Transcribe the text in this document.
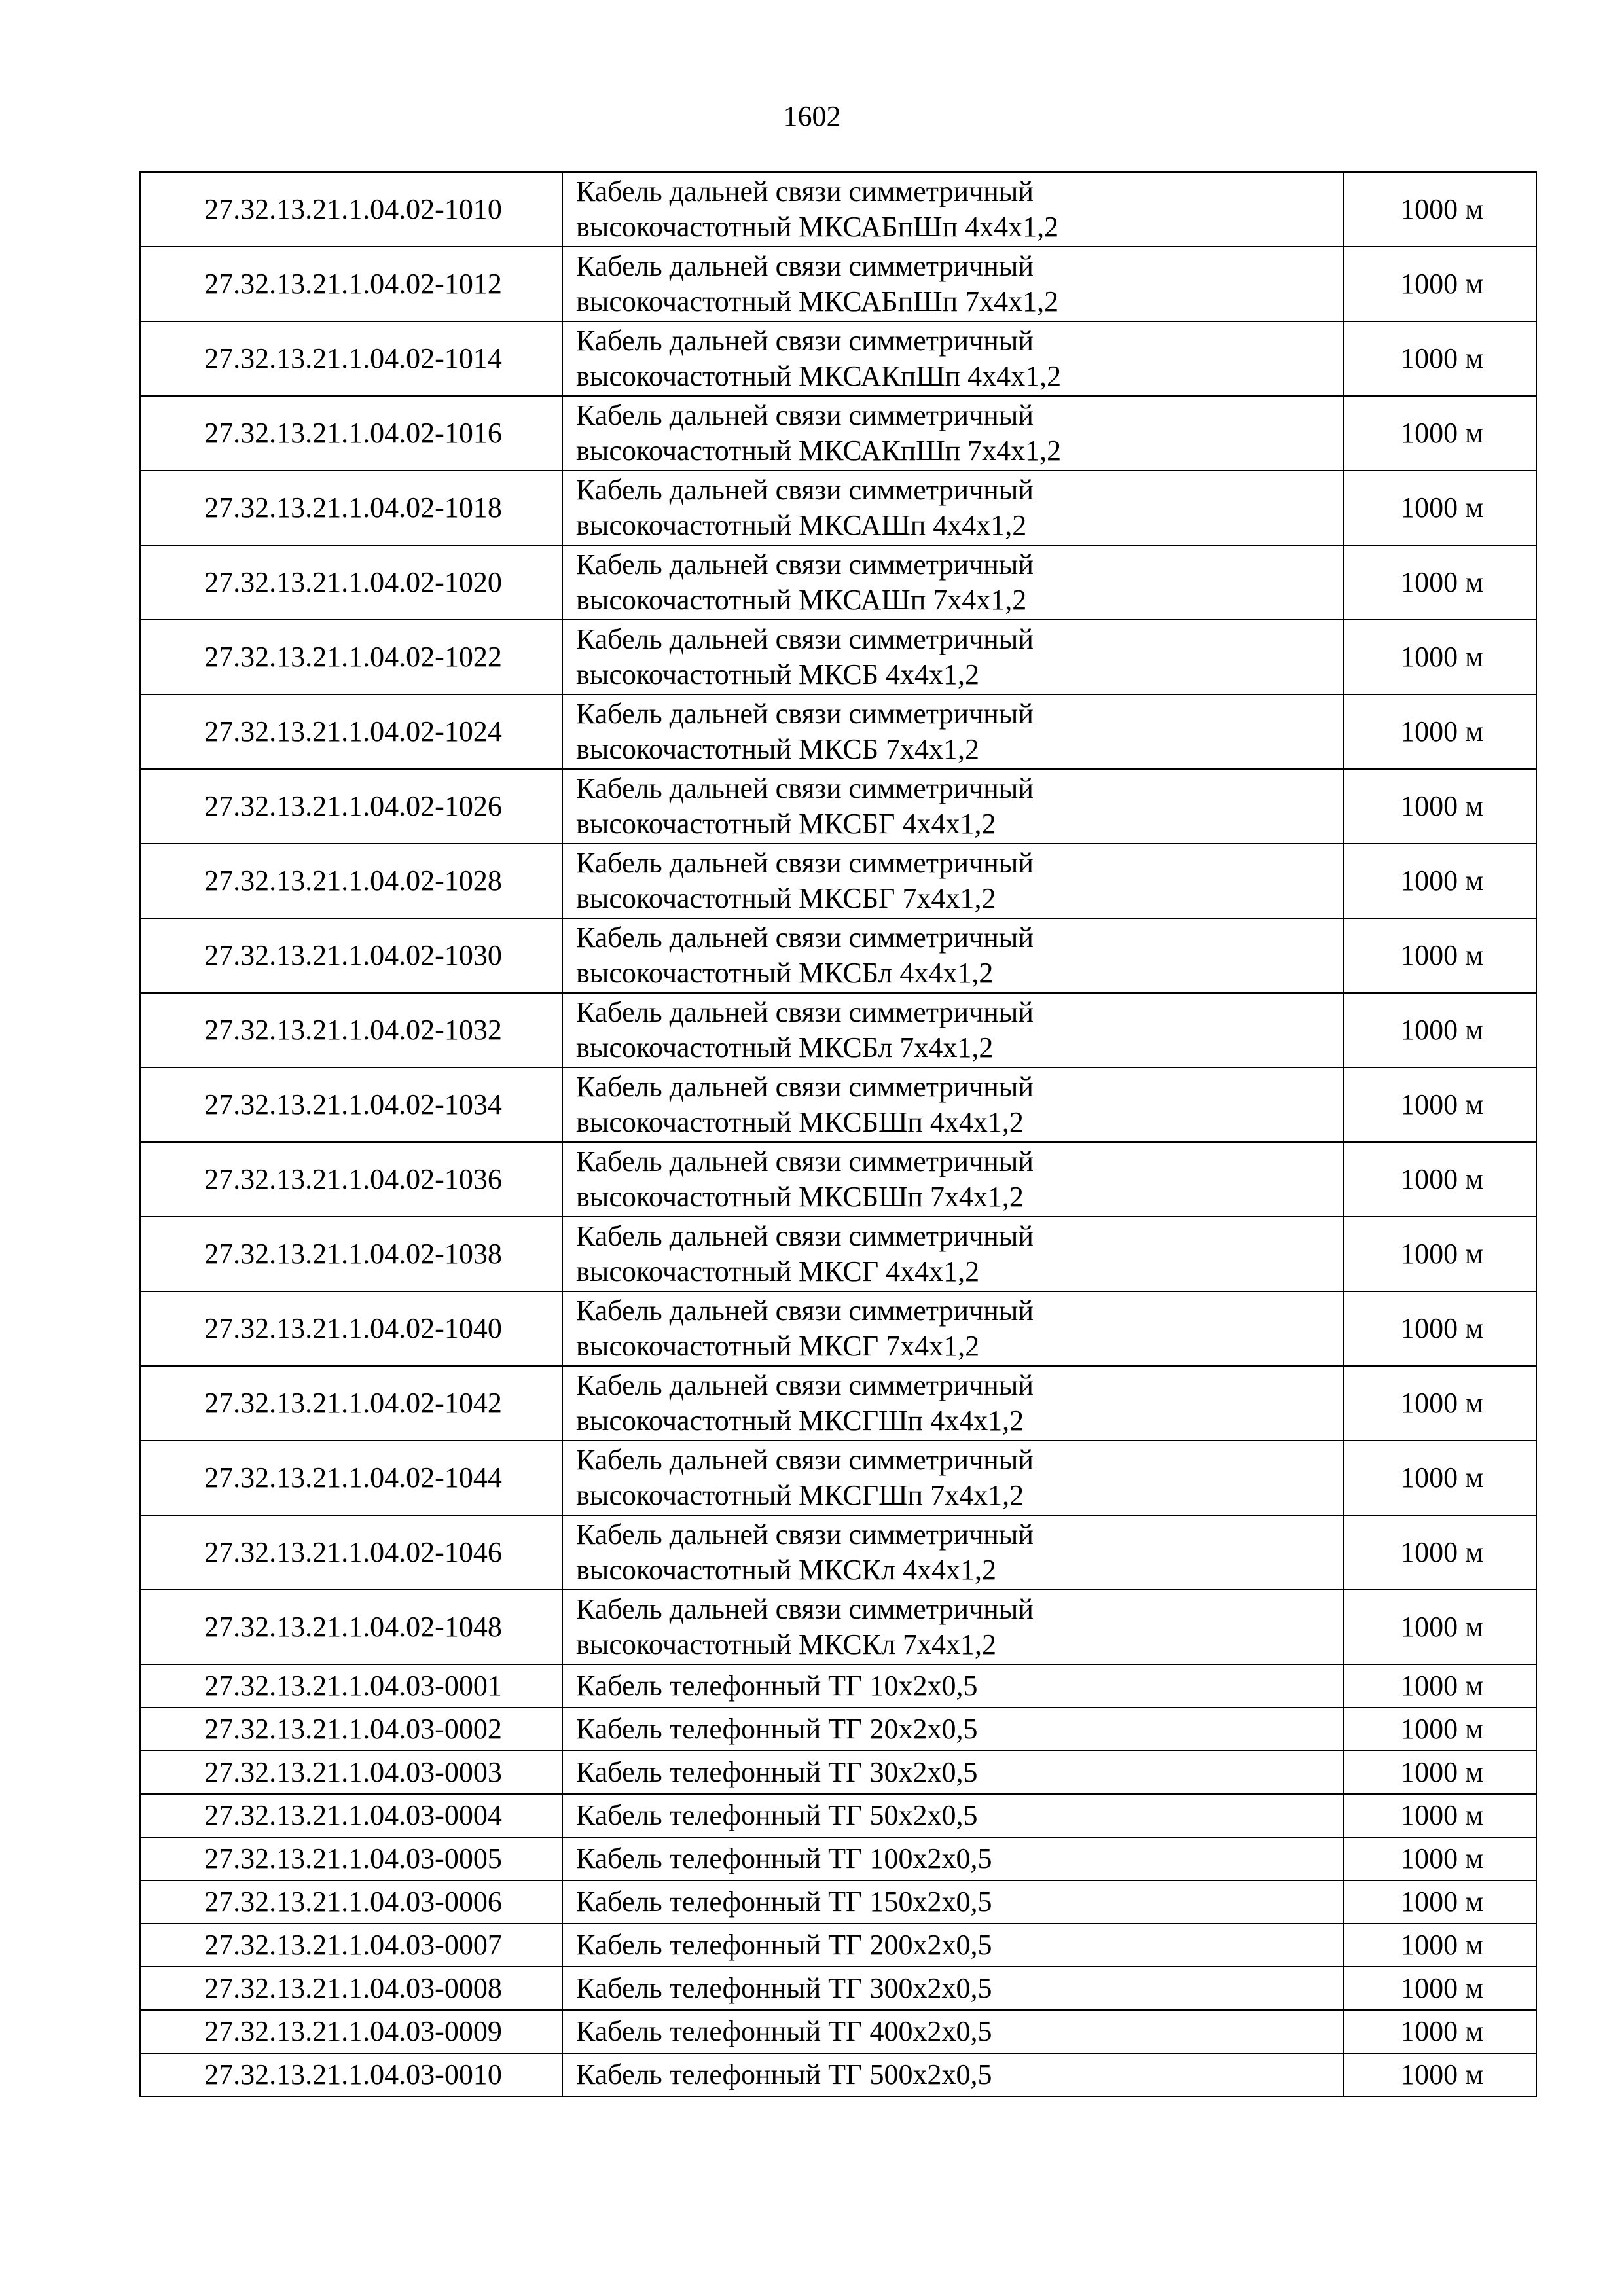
1602
27.32.13.21.1.04.02-1010	Кабель дальней связи симметричный
высокочастотный МКСАБпШп 4x4x1,2	1000 м
27.32.13.21.1.04.02-1012	Кабель дальней связи симметричный
высокочастотный МКСАБпШп 7x4x1,2	1000 м
27.32.13.21.1.04.02-1014	Кабель дальней связи симметричный
высокочастотный МКСАКпШп 4x4x1,2	1000 м
27.32.13.21.1.04.02-1016	Кабель дальней связи симметричный
высокочастотный МКСАКпШп 7x4x1,2	1000 м
27.32.13.21.1.04.02-1018	Кабель дальней связи симметричный
высокочастотный МКСАШп 4x4x1,2	1000 м
27.32.13.21.1.04.02-1020	Кабель дальней связи симметричный
высокочастотный МКСАШп 7x4x1,2	1000 м
27.32.13.21.1.04.02-1022	Кабель дальней связи симметричный
высокочастотный МКСБ 4x4x1,2	1000 м
27.32.13.21.1.04.02-1024	Кабель дальней связи симметричный
высокочастотный МКСБ 7x4x1,2	1000 м
27.32.13.21.1.04.02-1026	Кабель дальней связи симметричный
высокочастотный МКСБГ 4x4x1,2	1000 м
27.32.13.21.1.04.02-1028	Кабель дальней связи симметричный
высокочастотный МКСБГ 7x4x1,2	1000 м
27.32.13.21.1.04.02-1030	Кабель дальней связи симметричный
высокочастотный МКСБл 4x4x1,2	1000 м
27.32.13.21.1.04.02-1032	Кабель дальней связи симметричный
высокочастотный МКСБл 7x4x1,2	1000 м
27.32.13.21.1.04.02-1034	Кабель дальней связи симметричный
высокочастотный МКСБШп 4x4x1,2	1000 м
27.32.13.21.1.04.02-1036	Кабель дальней связи симметричный
высокочастотный МКСБШп 7x4x1,2	1000 м
27.32.13.21.1.04.02-1038	Кабель дальней связи симметричный
высокочастотный МКСГ 4x4x1,2	1000 м
27.32.13.21.1.04.02-1040	Кабель дальней связи симметричный
высокочастотный МКСГ 7x4x1,2	1000 м
27.32.13.21.1.04.02-1042	Кабель дальней связи симметричный
высокочастотный МКСГШп 4x4x1,2	1000 м
27.32.13.21.1.04.02-1044	Кабель дальней связи симметричный
высокочастотный МКСГШп 7x4x1,2	1000 м
27.32.13.21.1.04.02-1046	Кабель дальней связи симметричный
высокочастотный МКСКл 4x4x1,2	1000 м
27.32.13.21.1.04.02-1048	Кабель дальней связи симметричный
высокочастотный МКСКл 7x4x1,2	1000 м
27.32.13.21.1.04.03-0001	Кабель телефонный ТГ 10x2x0,5	1000 м
27.32.13.21.1.04.03-0002	Кабель телефонный ТГ 20x2x0,5	1000 м
27.32.13.21.1.04.03-0003	Кабель телефонный ТГ 30x2x0,5	1000 м
27.32.13.21.1.04.03-0004	Кабель телефонный ТГ 50x2x0,5	1000 м
27.32.13.21.1.04.03-0005	Кабель телефонный ТГ 100x2x0,5	1000 м
27.32.13.21.1.04.03-0006	Кабель телефонный ТГ 150x2x0,5	1000 м
27.32.13.21.1.04.03-0007	Кабель телефонный ТГ 200x2x0,5	1000 м
27.32.13.21.1.04.03-0008	Кабель телефонный ТГ 300x2x0,5	1000 м
27.32.13.21.1.04.03-0009	Кабель телефонный ТГ 400x2x0,5	1000 м
27.32.13.21.1.04.03-0010	Кабель телефонный ТГ 500x2x0,5	1000 м
